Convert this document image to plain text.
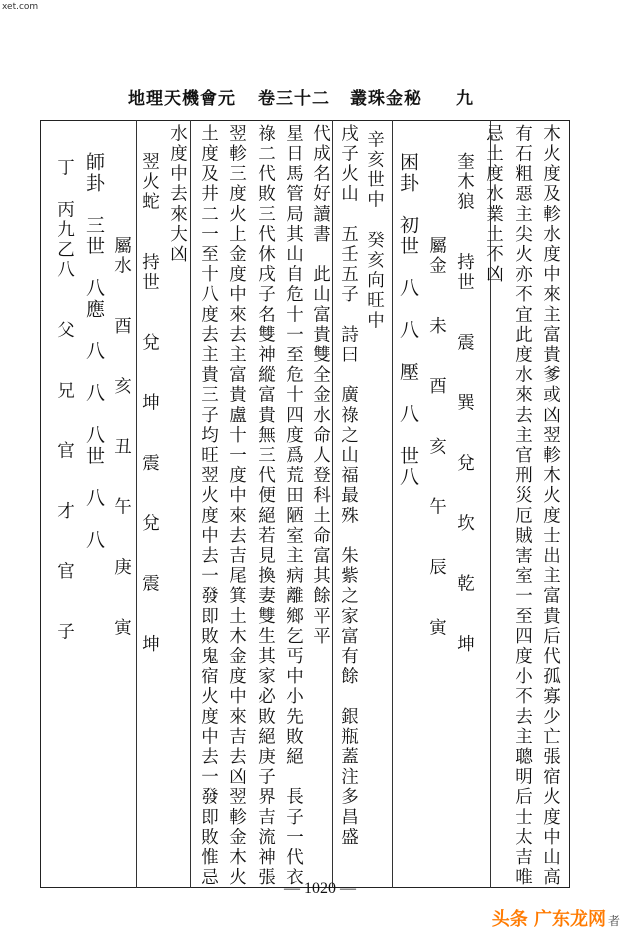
xet.com
地理天機會元 卷三十二 叢珠金秘 九
木火度及軫水度中來主富貴爹或凶翌軫木火度士出主富貴后代孤寡少亡張宿火度中山高
有石粗惡主尖火亦不宜此度水來去主官刑災厄賊害室一至四度小不去主聰明后士太吉唯
忌土度水業土不凶
奎木狼　　持世　　震　　巽　　兌　　坎　　乾　　坤
屬金　　未　　酉　　亥　　午　　辰　　寅
困卦　初世　八　八　壓　八　世八
辛亥世中　癸亥向旺中
戌子火山　五壬五子　詩曰　廣祿之山福最殊　朱紫之家富有餘　銀瓶蓋注多昌盛
代成名好讀書　此山富貴雙全金水命人登科土命富其餘平平
星日馬管局其山自危十一至危十四度爲荒田陋室主病離鄉乞丐中小先敗絕　長子一代衣
祿二代敗三代休戌子名雙神縱富貴無三代便絕若見換妻雙生其家必敗絕庚子界吉流神張
翌軫三度火上金度中來去主富貴盧十一度中來去吉尾箕土木金度中來吉去凶翌軫金木火
土度及井二一至十八度去主貴三子均旺翌火度中去一發即敗鬼宿火度中去一發即敗惟忌
水度中去來大凶
翌火蛇　　持世　　兌　　坤　　震　　兌　　震　　坤
屬水　　酉　　亥　　丑　　午　　庚　　寅
師卦　三世　八應　八　八　八世　八　八
丙九乙八　　父　　兄　　官　　才　　官　　子
丁
— 1020 —
头条 广东龙网 者
